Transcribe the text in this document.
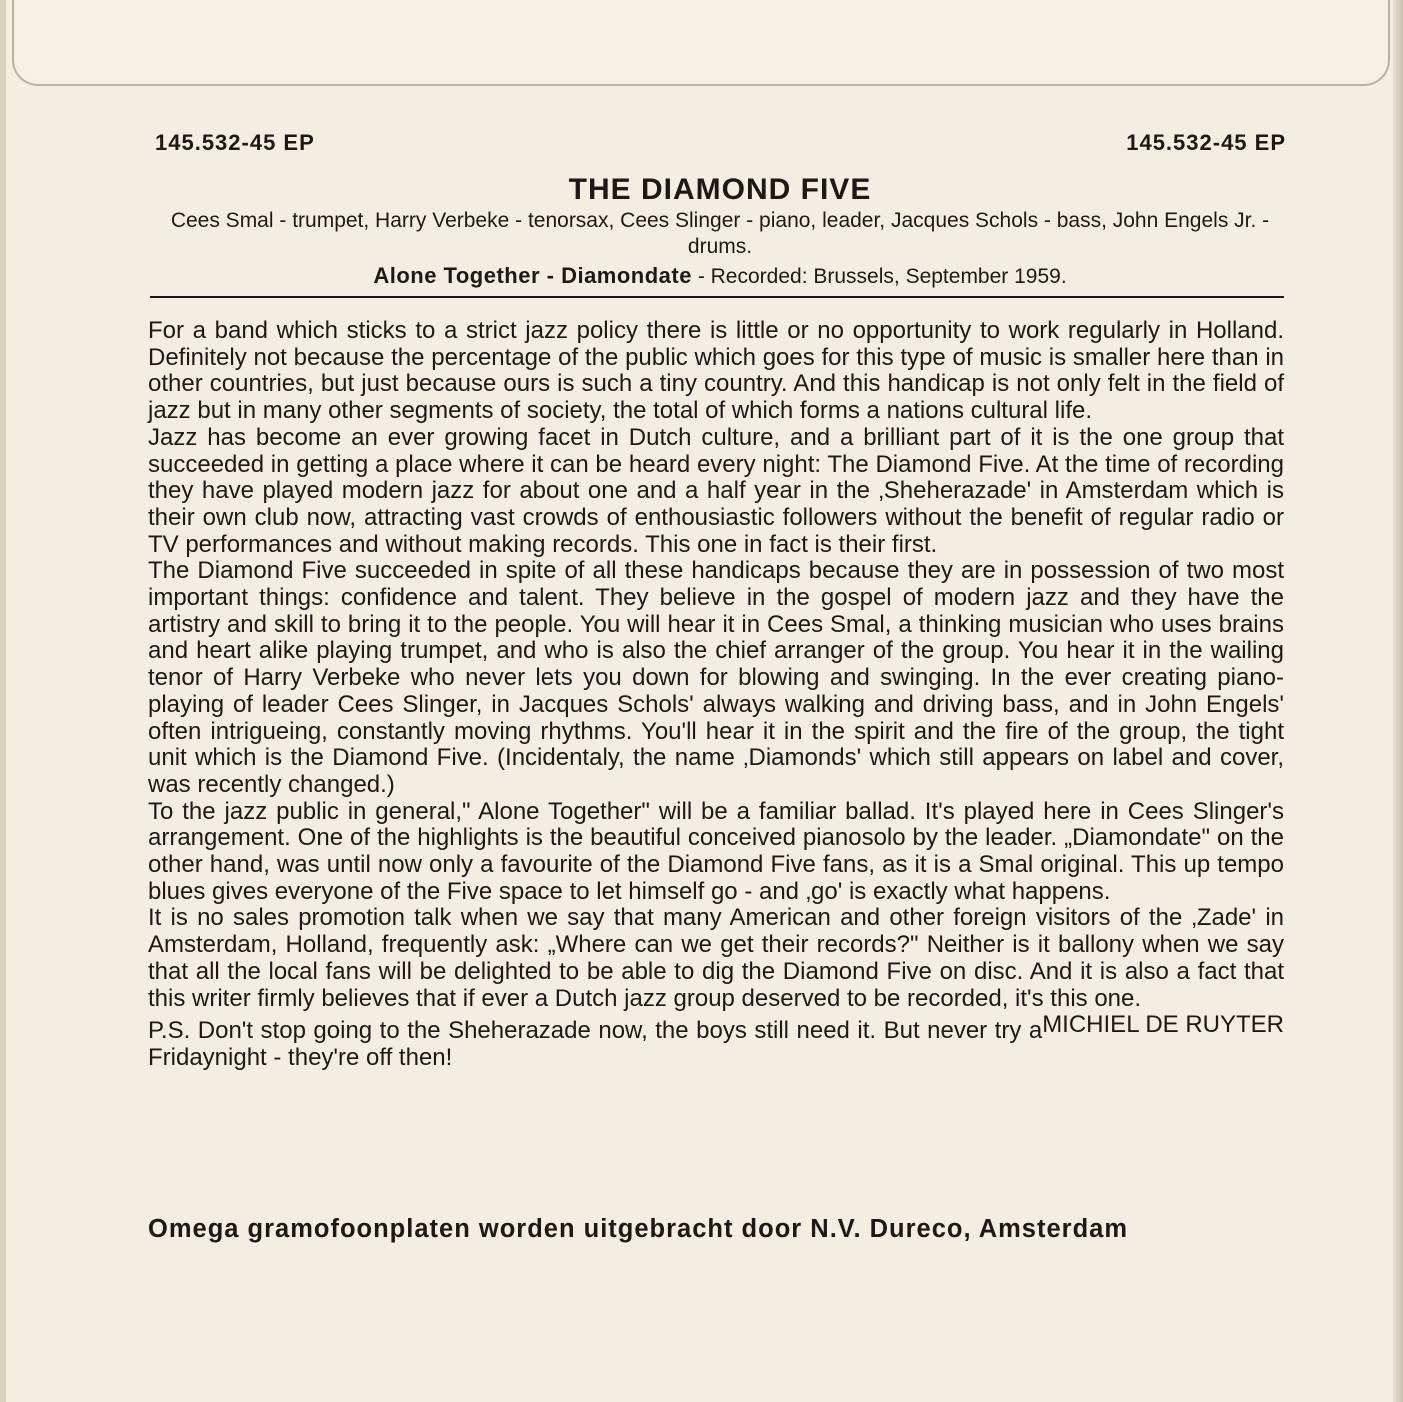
145.532-45 EP	145.532-45 EP
THE DIAMOND FIVE
Cees Smal - trumpet, Harry Verbeke - tenorsax, Cees Slinger - piano, leader, Jacques Schols - bass, John Engels Jr. - drums.
Alone Together - Diamondate - Recorded: Brussels, September 1959.

For a band which sticks to a strict jazz policy there is little or no opportunity to work regularly in Holland. Definitely not because the percentage of the public which goes for this type of music is smaller here than in other countries, but just because ours is such a tiny country. And this handicap is not only felt in the field of jazz but in many other segments of society, the total of which forms a nations cultural life.

Jazz has become an ever growing facet in Dutch culture, and a brilliant part of it is the one group that succeeded in getting a place where it can be heard every night: The Diamond Five. At the time of recording they have played modern jazz for about one and a half year in the ‚Sheherazade' in Amsterdam which is their own club now, attracting vast crowds of enthousiastic followers without the benefit of regular radio or TV performances and without making records. This one in fact is their first.

The Diamond Five succeeded in spite of all these handicaps because they are in possession of two most important things: confidence and talent. They believe in the gospel of modern jazz and they have the artistry and skill to bring it to the people. You will hear it in Cees Smal, a thinking musician who uses brains and heart alike playing trumpet, and who is also the chief arranger of the group. You hear it in the wailing tenor of Harry Verbeke who never lets you down for blowing and swinging. In the ever creating piano-playing of leader Cees Slinger, in Jacques Schols' always walking and driving bass, and in John Engels' often intrigueing, constantly moving rhythms. You'll hear it in the spirit and the fire of the group, the tight unit which is the Diamond Five. (Incidentaly, the name ‚Diamonds' which still appears on label and cover, was recently changed.)

To the jazz public in general," Alone Together" will be a familiar ballad. It's played here in Cees Slinger's arrangement. One of the highlights is the beautiful conceived pianosolo by the leader. „Diamondate" on the other hand, was until now only a favourite of the Diamond Five fans, as it is a Smal original. This up tempo blues gives everyone of the Five space to let himself go - and ‚go' is exactly what happens.

It is no sales promotion talk when we say that many American and other foreign visitors of the ‚Zade' in Amsterdam, Holland, frequently ask: „Where can we get their records?" Neither is it ballony when we say that all the local fans will be delighted to be able to dig the Diamond Five on disc. And it is also a fact that this writer firmly believes that if ever a Dutch jazz group deserved to be recorded, it's this one.
MICHIEL DE RUYTER

P.S. Don't stop going to the Sheherazade now, the boys still need it. But never try a Fridaynight - they're off then!

Omega gramofoonplaten worden uitgebracht door N.V. Dureco, Amsterdam
